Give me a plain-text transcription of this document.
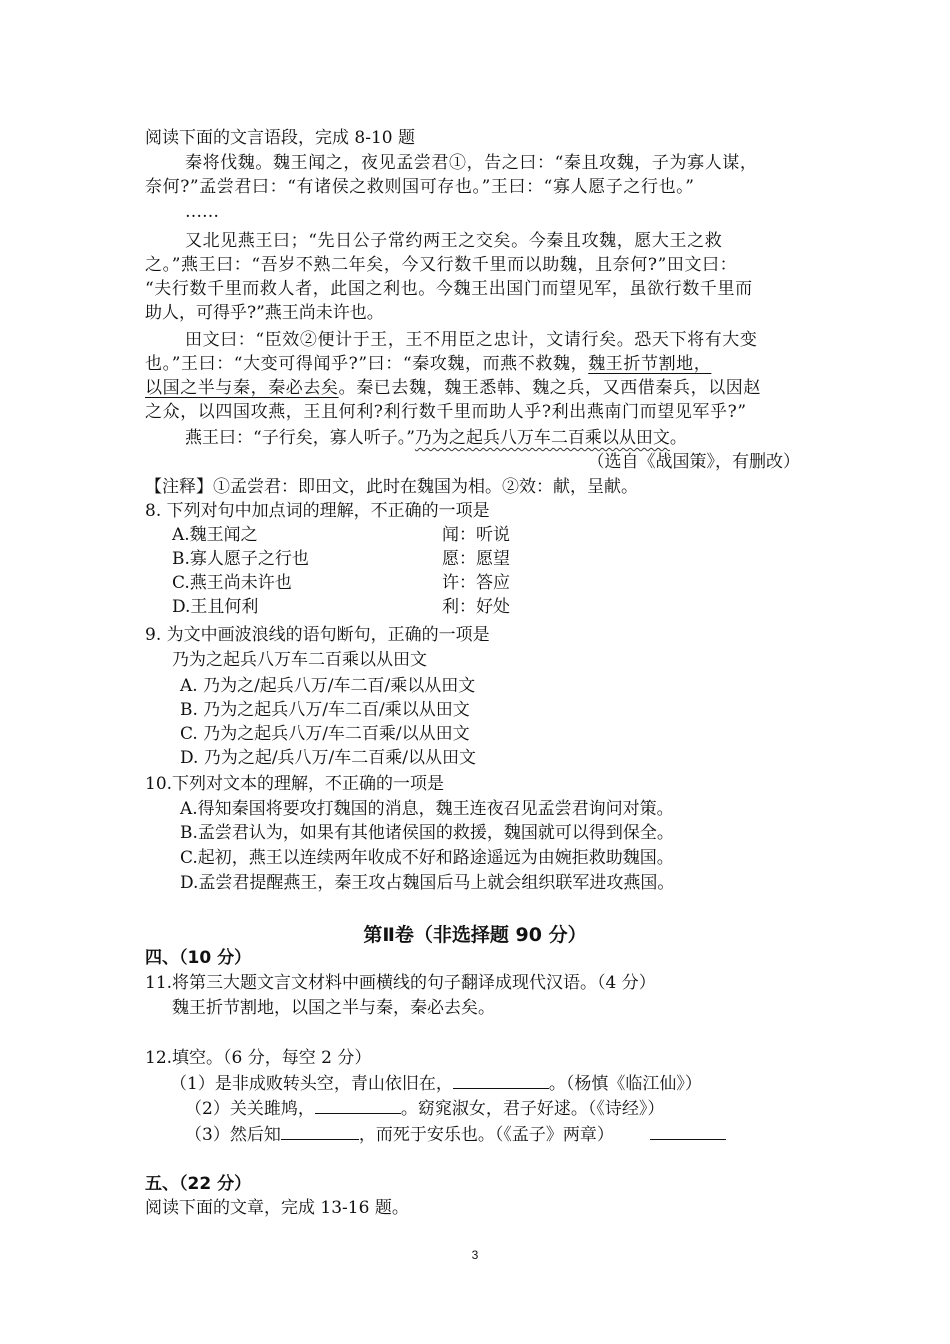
阅读下面的文言语段，完成 8-10 题
秦将伐魏。魏王闻之，夜见孟尝君①，告之曰：“秦且攻魏，子为寡人谋，
奈何?”孟尝君曰：“有诸侯之救则国可存也。”王曰：“寡人愿子之行也。”
……
又北见燕王曰；“先日公子常约两王之交矣。今秦且攻魏，愿大王之救
之。”燕王曰：“吾岁不熟二年矣，今又行数千里而以助魏，且奈何?”田文曰：
“夫行数千里而救人者，此国之利也。今魏王出国门而望见军，虽欲行数千里而
助人，可得乎?”燕王尚未许也。
田文曰：“臣效②便计于王，王不用臣之忠计，文请行矣。恐天下将有大变
也。”王曰：“大变可得闻乎?”曰：“秦攻魏，而燕不救魏，魏王折节割地，
以国之半与秦，秦必去矣。秦已去魏，魏王悉韩、魏之兵，又西借秦兵，以因赵
之众，以四国攻燕，王且何利?利行数千里而助人乎?利出燕南门而望见军乎?”
燕王曰：“子行矣，寡人听子。”乃为之起兵八万车二百乘以从田文。
（选自《战国策》，有删改）
【注释】①孟尝君：即田文，此时在魏国为相。②效：献，呈献。
8. 下列对句中加点词的理解，不正确的一项是
A.魏王闻之	闻：听说
B.寡人愿子之行也	愿：愿望
C.燕王尚未许也	许：答应
D.王且何利	利：好处
9. 为文中画波浪线的语句断句，正确的一项是
乃为之起兵八万车二百乘以从田文
A. 乃为之/起兵八万/车二百/乘以从田文
B. 乃为之起兵八万/车二百/乘以从田文
C. 乃为之起兵八万/车二百乘/以从田文
D. 乃为之起/兵八万/车二百乘/以从田文
10.下列对文本的理解，不正确的一项是
A.得知秦国将要攻打魏国的消息，魏王连夜召见孟尝君询问对策。
B.孟尝君认为，如果有其他诸侯国的救援，魏国就可以得到保全。
C.起初，燕王以连续两年收成不好和路途遥远为由婉拒救助魏国。
D.孟尝君提醒燕王，秦王攻占魏国后马上就会组织联军进攻燕国。
第Ⅱ卷（非选择题 90 分）
四、（10 分）
11.将第三大题文言文材料中画横线的句子翻译成现代汉语。（4 分）
魏王折节割地，以国之半与秦，秦必去矣。
12.填空。（6 分，每空 2 分）
（1）是非成败转头空，青山依旧在，	。（杨慎《临江仙》）
（2）关关雎鸠，	。窈窕淑女，君子好逑。（《诗经》）
（3）然后知	，而死于安乐也。（《孟子》两章）
五、（22 分）
阅读下面的文章，完成 13-16 题。
3
